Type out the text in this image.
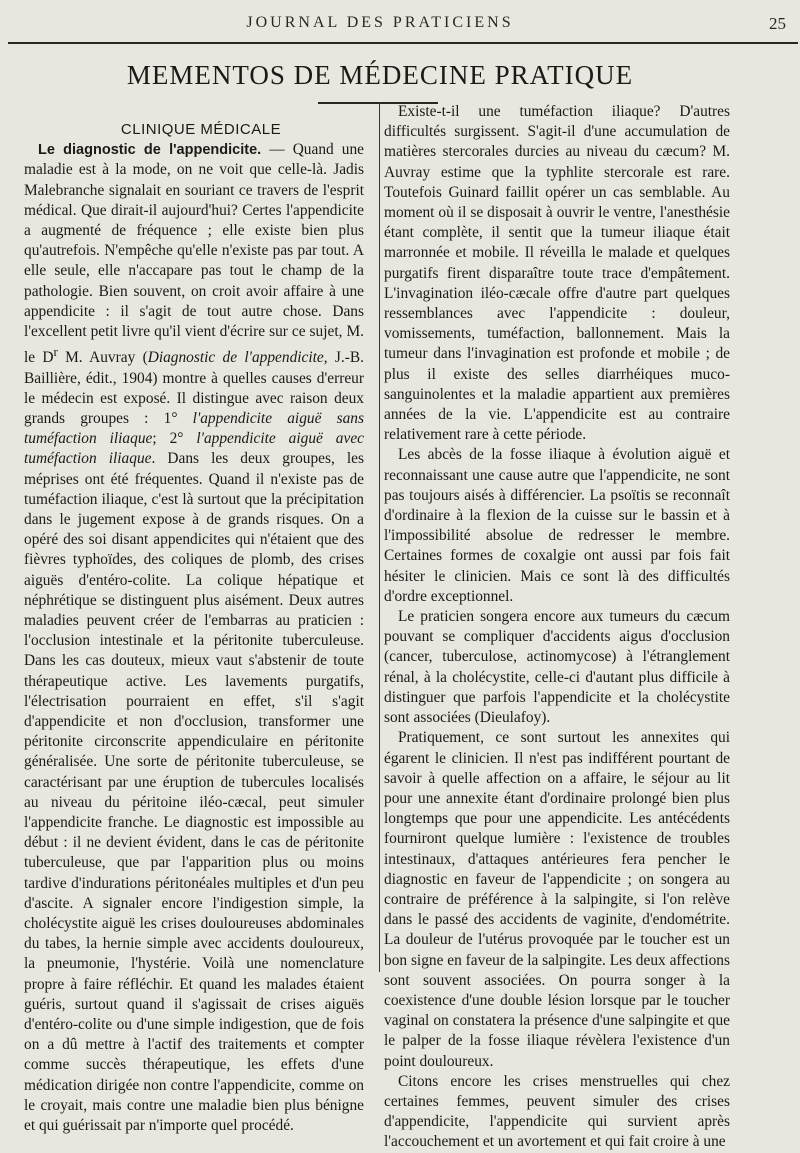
JOURNAL DES PRATICIENS	25
MEMENTOS DE MÉDECINE PRATIQUE

CLINIQUE MÉDICALE

Le diagnostic de l'appendicite. — Quand une maladie est à la mode, on ne voit que celle-là. Jadis Malebranche signalait en souriant ce travers de l'esprit médical. Que dirait-il aujourd'hui? Certes l'appendicite a augmenté de fréquence ; elle existe bien plus qu'autrefois. N'empêche qu'elle n'existe pas par tout. A elle seule, elle n'accapare pas tout le champ de la pathologie. Bien souvent, on croit avoir affaire à une appendicite : il s'agit de tout autre chose. Dans l'excellent petit livre qu'il vient d'écrire sur ce sujet, M. le $D^r$ M. Auvray (Diagnostic de l'appendicite, J.-B. Baillière, édit., 1904) montre à quelles causes d'erreur le médecin est exposé. Il distingue avec raison deux grands groupes : 1° l'appendicite aiguë sans tuméfaction iliaque; 2° l'appendicite aiguë avec tuméfaction iliaque. Dans les deux groupes, les méprises ont été fréquentes. Quand il n'existe pas de tuméfaction iliaque, c'est là surtout que la précipitation dans le jugement expose à de grands risques. On a opéré des soi disant appendicites qui n'étaient que des fièvres typhoïdes, des coliques de plomb, des crises aiguës d'entéro-colite. La colique hépatique et néphrétique se distinguent plus aisément. Deux autres maladies peuvent créer de l'embarras au praticien : l'occlusion intestinale et la péritonite tuberculeuse. Dans les cas douteux, mieux vaut s'abstenir de toute thérapeutique active. Les lavements purgatifs, l'électrisation pourraient en effet, s'il s'agit d'appendicite et non d'occlusion, transformer une péritonite circonscrite appendiculaire en péritonite généralisée. Une sorte de péritonite tuberculeuse, se caractérisant par une éruption de tubercules localisés au niveau du péritoine iléo-cæcal, peut simuler l'appendicite franche. Le diagnostic est impossible au début : il ne devient évident, dans le cas de péritonite tuberculeuse, que par l'apparition plus ou moins tardive d'indurations péritonéales multiples et d'un peu d'ascite. A signaler encore l'indigestion simple, la cholécystite aiguë les crises douloureuses abdominales du tabes, la hernie simple avec accidents douloureux, la pneumonie, l'hystérie. Voilà une nomenclature propre à faire réfléchir. Et quand les malades étaient guéris, surtout quand il s'agissait de crises aiguës d'entéro-colite ou d'une simple indigestion, que de fois on a dû mettre à l'actif des traitements et compter comme succès thérapeutique, les effets d'une médication dirigée non contre l'appendicite, comme on le croyait, mais contre une maladie bien plus bénigne et qui guérissait par n'importe quel procédé.

Existe-t-il une tuméfaction iliaque? D'autres difficultés surgissent. S'agit-il d'une accumulation de matières stercorales durcies au niveau du cæcum? M. Auvray estime que la typhlite stercorale est rare. Toutefois Guinard faillit opérer un cas semblable. Au moment où il se disposait à ouvrir le ventre, l'anesthésie étant complète, il sentit que la tumeur iliaque était marronnée et mobile. Il réveilla le malade et quelques purgatifs firent disparaître toute trace d'empâtement. L'invagination iléo-cæcale offre d'autre part quelques ressemblances avec l'appendicite : douleur, vomissements, tuméfaction, ballonnement. Mais la tumeur dans l'invagination est profonde et mobile ; de plus il existe des selles diarrhéiques muco-sanguinolentes et la maladie appartient aux premières années de la vie. L'appendicite est au contraire relativement rare à cette période.

Les abcès de la fosse iliaque à évolution aiguë et reconnaissant une cause autre que l'appendicite, ne sont pas toujours aisés à différencier. La psoïtis se reconnaît d'ordinaire à la flexion de la cuisse sur le bassin et à l'impossibilité absolue de redresser le membre. Certaines formes de coxalgie ont aussi par fois fait hésiter le clinicien. Mais ce sont là des difficultés d'ordre exceptionnel.

Le praticien songera encore aux tumeurs du cæcum pouvant se compliquer d'accidents aigus d'occlusion (cancer, tuberculose, actinomycose) à l'étranglement rénal, à la cholécystite, celle-ci d'autant plus difficile à distinguer que parfois l'appendicite et la cholécystite sont associées (Dieulafoy).

Pratiquement, ce sont surtout les annexites qui égarent le clinicien. Il n'est pas indifférent pourtant de savoir à quelle affection on a affaire, le séjour au lit pour une annexite étant d'ordinaire prolongé bien plus longtemps que pour une appendicite. Les antécédents fourniront quelque lumière : l'existence de troubles intestinaux, d'attaques antérieures fera pencher le diagnostic en faveur de l'appendicite ; on songera au contraire de préférence à la salpingite, si l'on relève dans le passé des accidents de vaginite, d'endométrite. La douleur de l'utérus provoquée par le toucher est un bon signe en faveur de la salpingite. Les deux affections sont souvent associées. On pourra songer à la coexistence d'une double lésion lorsque par le toucher vaginal on constatera la présence d'une salpingite et que le palper de la fosse iliaque révèlera l'existence d'un point douloureux.

Citons encore les crises menstruelles qui chez certaines femmes, peuvent simuler des crises d'appendicite, l'appendicite qui survient après l'accouchement et un avortement et qui fait croire à une
